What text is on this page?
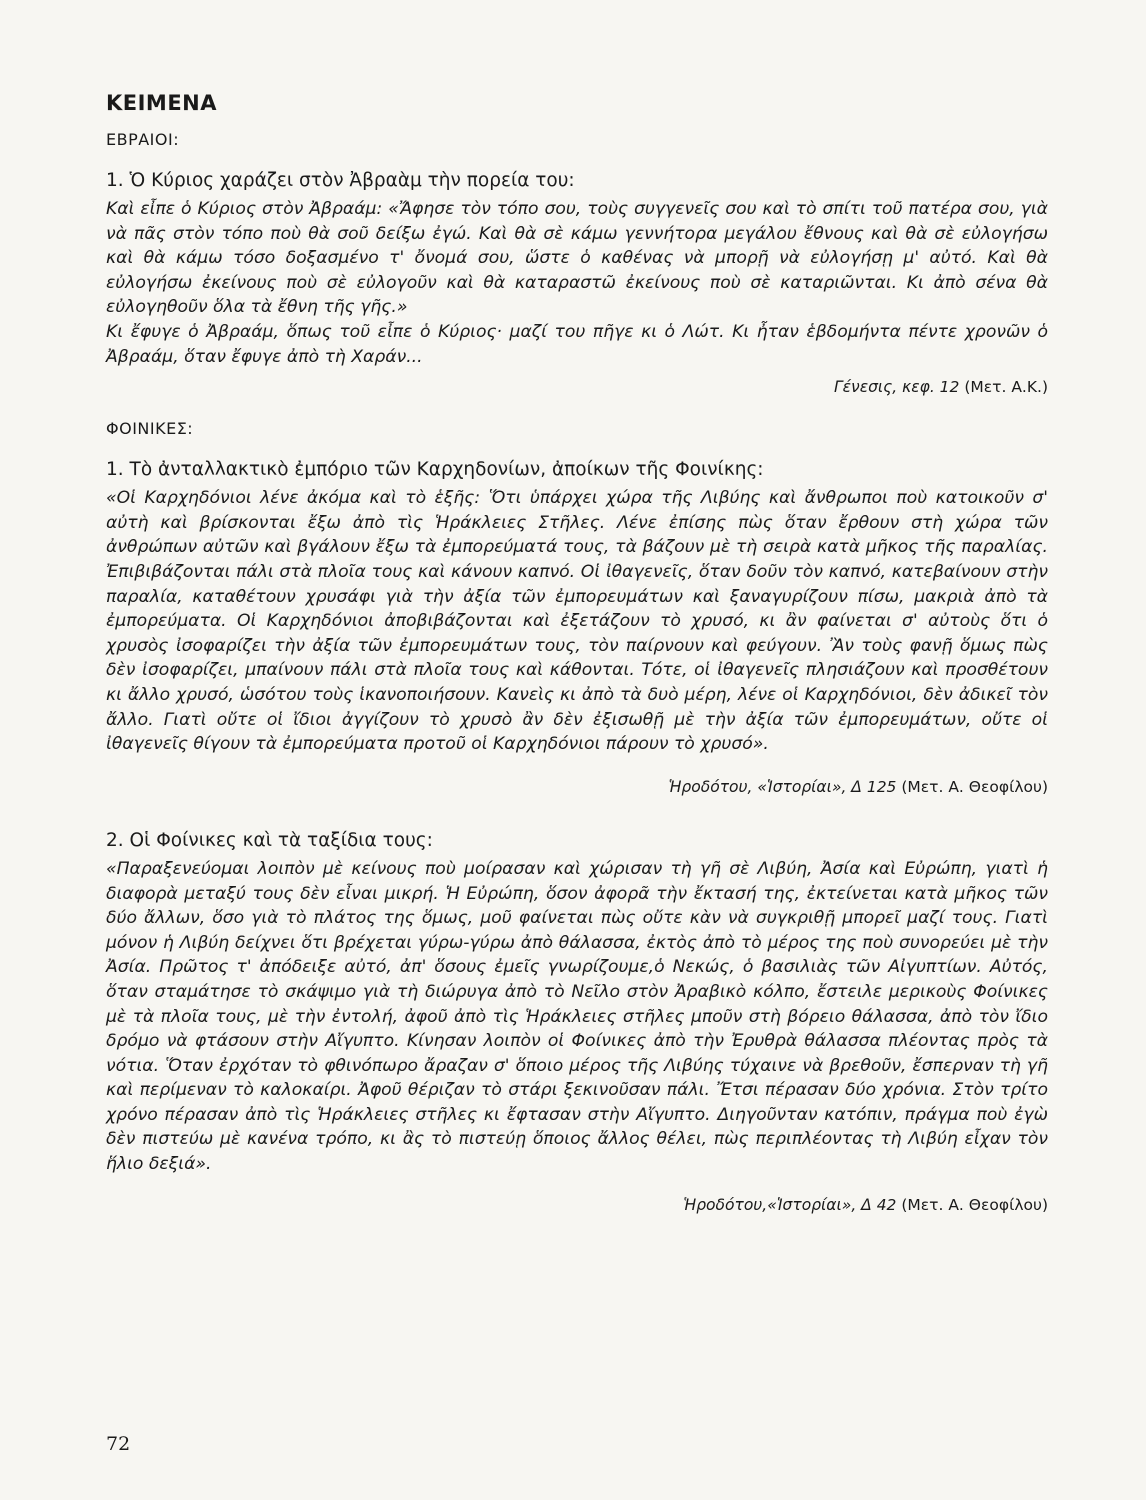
ΚΕΙΜΕΝΑ
ΕΒΡΑΙΟΙ:
1. Ὁ Κύριος χαράζει στὸν Ἀβραὰμ τὴν πορεία του:

Καὶ εἶπε ὁ Κύριος στὸν Ἀβραάμ: «Ἄφησε τὸν τόπο σου, τοὺς συγγενεῖς σου καὶ τὸ σπίτι τοῦ πατέρα σου, γιὰ νὰ πᾶς στὸν τόπο ποὺ θὰ σοῦ δείξω ἐγώ. Καὶ θὰ σὲ κάμω γεννήτορα μεγάλου ἔθνους καὶ θὰ σὲ εὐλογήσω καὶ θὰ κάμω τόσο δοξασμένο τ' ὄνομά σου, ὥστε ὁ καθένας νὰ μπορῇ νὰ εὐλογήσῃ μ' αὐτό. Καὶ θὰ εὐλογήσω ἐκείνους ποὺ σὲ εὐλογοῦν καὶ θὰ καταραστῶ ἐκείνους ποὺ σὲ καταριῶνται. Κι ἀπὸ σένα θὰ εὐλογηθοῦν ὅλα τὰ ἔθνη τῆς γῆς.»

Κι ἔφυγε ὁ Ἀβραάμ, ὅπως τοῦ εἶπε ὁ Κύριος· μαζί του πῆγε κι ὁ Λώτ. Κι ἦταν ἑβδομήντα πέντε χρονῶν ὁ Ἀβραάμ, ὅταν ἔφυγε ἀπὸ τὴ Χαράν...

Γένεσις, κεφ. 12 (Μετ. Α.Κ.)
ΦΟΙΝΙΚΕΣ:
1. Τὸ ἀνταλλακτικὸ ἐμπόριο τῶν Καρχηδονίων, ἀποίκων τῆς Φοινίκης:

«Οἱ Καρχηδόνιοι λένε ἀκόμα καὶ τὸ ἑξῆς: Ὅτι ὑπάρχει χώρα τῆς Λιβύης καὶ ἄνθρωποι ποὺ κατοικοῦν σ' αὐτὴ καὶ βρίσκονται ἔξω ἀπὸ τὶς Ἡράκλειες Στῆλες. Λένε ἐπίσης πὼς ὅταν ἔρθουν στὴ χώρα τῶν ἀνθρώπων αὐτῶν καὶ βγάλουν ἔξω τὰ ἐμπορεύματά τους, τὰ βάζουν μὲ τὴ σειρὰ κατὰ μῆκος τῆς παραλίας. Ἐπιβιβάζονται πάλι στὰ πλοῖα τους καὶ κάνουν καπνό. Οἱ ἰθαγενεῖς, ὅταν δοῦν τὸν καπνό, κατεβαίνουν στὴν παραλία, καταθέτουν χρυσάφι γιὰ τὴν ἀξία τῶν ἐμπορευμάτων καὶ ξαναγυρίζουν πίσω, μακριὰ ἀπὸ τὰ ἐμπορεύματα. Οἱ Καρχηδόνιοι ἀποβιβάζονται καὶ ἐξετάζουν τὸ χρυσό, κι ἂν φαίνεται σ' αὐτοὺς ὅτι ὁ χρυσὸς ἰσοφαρίζει τὴν ἀξία τῶν ἐμπορευμάτων τους, τὸν παίρνουν καὶ φεύγουν. Ἂν τοὺς φανῇ ὅμως πὼς δὲν ἰσοφαρίζει, μπαίνουν πάλι στὰ πλοῖα τους καὶ κάθονται. Τότε, οἱ ἰθαγενεῖς πλησιάζουν καὶ προσθέτουν κι ἄλλο χρυσό, ὡσότου τοὺς ἱκανοποιήσουν. Κανεὶς κι ἀπὸ τὰ δυὸ μέρη, λένε οἱ Καρχηδόνιοι, δὲν ἀδικεῖ τὸν ἄλλο. Γιατὶ οὔτε οἱ ἴδιοι ἀγγίζουν τὸ χρυσὸ ἂν δὲν ἐξισωθῇ μὲ τὴν ἀξία τῶν ἐμπορευμάτων, οὔτε οἱ ἰθαγενεῖς θίγουν τὰ ἐμπορεύματα προτοῦ οἱ Καρχηδόνιοι πάρουν τὸ χρυσό».

Ἡροδότου, «Ἱστορίαι», Δ 125 (Μετ. Α. Θεοφίλου)
2. Οἱ Φοίνικες καὶ τὰ ταξίδια τους:

«Παραξενεύομαι λοιπὸν μὲ κείνους ποὺ μοίρασαν καὶ χώρισαν τὴ γῆ σὲ Λιβύη, Ἀσία καὶ Εὐρώπη, γιατὶ ἡ διαφορὰ μεταξύ τους δὲν εἶναι μικρή. Ἡ Εὐρώπη, ὅσον ἀφορᾶ τὴν ἔκτασή της, ἐκτείνεται κατὰ μῆκος τῶν δύο ἄλλων, ὅσο γιὰ τὸ πλάτος της ὅμως, μοῦ φαίνεται πὼς οὔτε κὰν νὰ συγκριθῇ μπορεῖ μαζί τους. Γιατὶ μόνον ἡ Λιβύη δείχνει ὅτι βρέχεται γύρω-γύρω ἀπὸ θάλασσα, ἐκτὸς ἀπὸ τὸ μέρος της ποὺ συνορεύει μὲ τὴν Ἀσία. Πρῶτος τ' ἀπόδειξε αὐτό, ἀπ' ὅσους ἐμεῖς γνωρίζουμε,ὁ Νεκώς, ὁ βασιλιὰς τῶν Αἰγυπτίων. Αὐτός, ὅταν σταμάτησε τὸ σκάψιμο γιὰ τὴ διώρυγα ἀπὸ τὸ Νεῖλο στὸν Ἀραβικὸ κόλπο, ἔστειλε μερικοὺς Φοίνικες μὲ τὰ πλοῖα τους, μὲ τὴν ἐντολή, ἀφοῦ ἀπὸ τὶς Ἡράκλειες στῆλες μποῦν στὴ βόρειο θάλασσα, ἀπὸ τὸν ἴδιο δρόμο νὰ φτάσουν στὴν Αἴγυπτο. Κίνησαν λοιπὸν οἱ Φοίνικες ἀπὸ τὴν Ἐρυθρὰ θάλασσα πλέοντας πρὸς τὰ νότια. Ὅταν ἐρχόταν τὸ φθινόπωρο ἄραζαν σ' ὅποιο μέρος τῆς Λιβύης τύχαινε νὰ βρεθοῦν, ἔσπερναν τὴ γῆ καὶ περίμεναν τὸ καλοκαίρι. Ἀφοῦ θέριζαν τὸ στάρι ξεκινοῦσαν πάλι. Ἔτσι πέρασαν δύο χρόνια. Στὸν τρίτο χρόνο πέρασαν ἀπὸ τὶς Ἡράκλειες στῆλες κι ἔφτασαν στὴν Αἴγυπτο. Διηγοῦνταν κατόπιν, πράγμα ποὺ ἐγὼ δὲν πιστεύω μὲ κανένα τρόπο, κι ἂς τὸ πιστεύῃ ὅποιος ἄλλος θέλει, πὼς περιπλέοντας τὴ Λιβύη εἶχαν τὸν ἥλιο δεξιά».

Ἡροδότου,«Ἱστορίαι», Δ 42 (Μετ. Α. Θεοφίλου)
72
